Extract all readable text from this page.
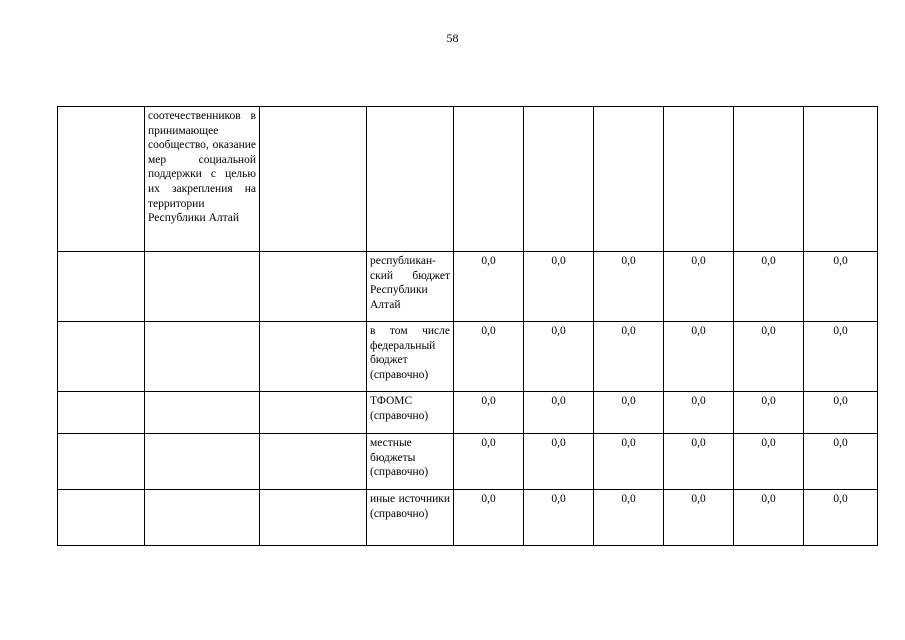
58
	соотечественников в принимающее сообщество, оказание мер социальной поддержки с целью их закрепления на территории Республики Алтай								
			республикан-ский бюджет Республики Алтай	0,0	0,0	0,0	0,0	0,0	0,0
			в том числе федеральный бюджет (справочно)	0,0	0,0	0,0	0,0	0,0	0,0
			ТФОМС (справочно)	0,0	0,0	0,0	0,0	0,0	0,0
			местные бюджеты (справочно)	0,0	0,0	0,0	0,0	0,0	0,0
			иные источники (справочно)	0,0	0,0	0,0	0,0	0,0	0,0
